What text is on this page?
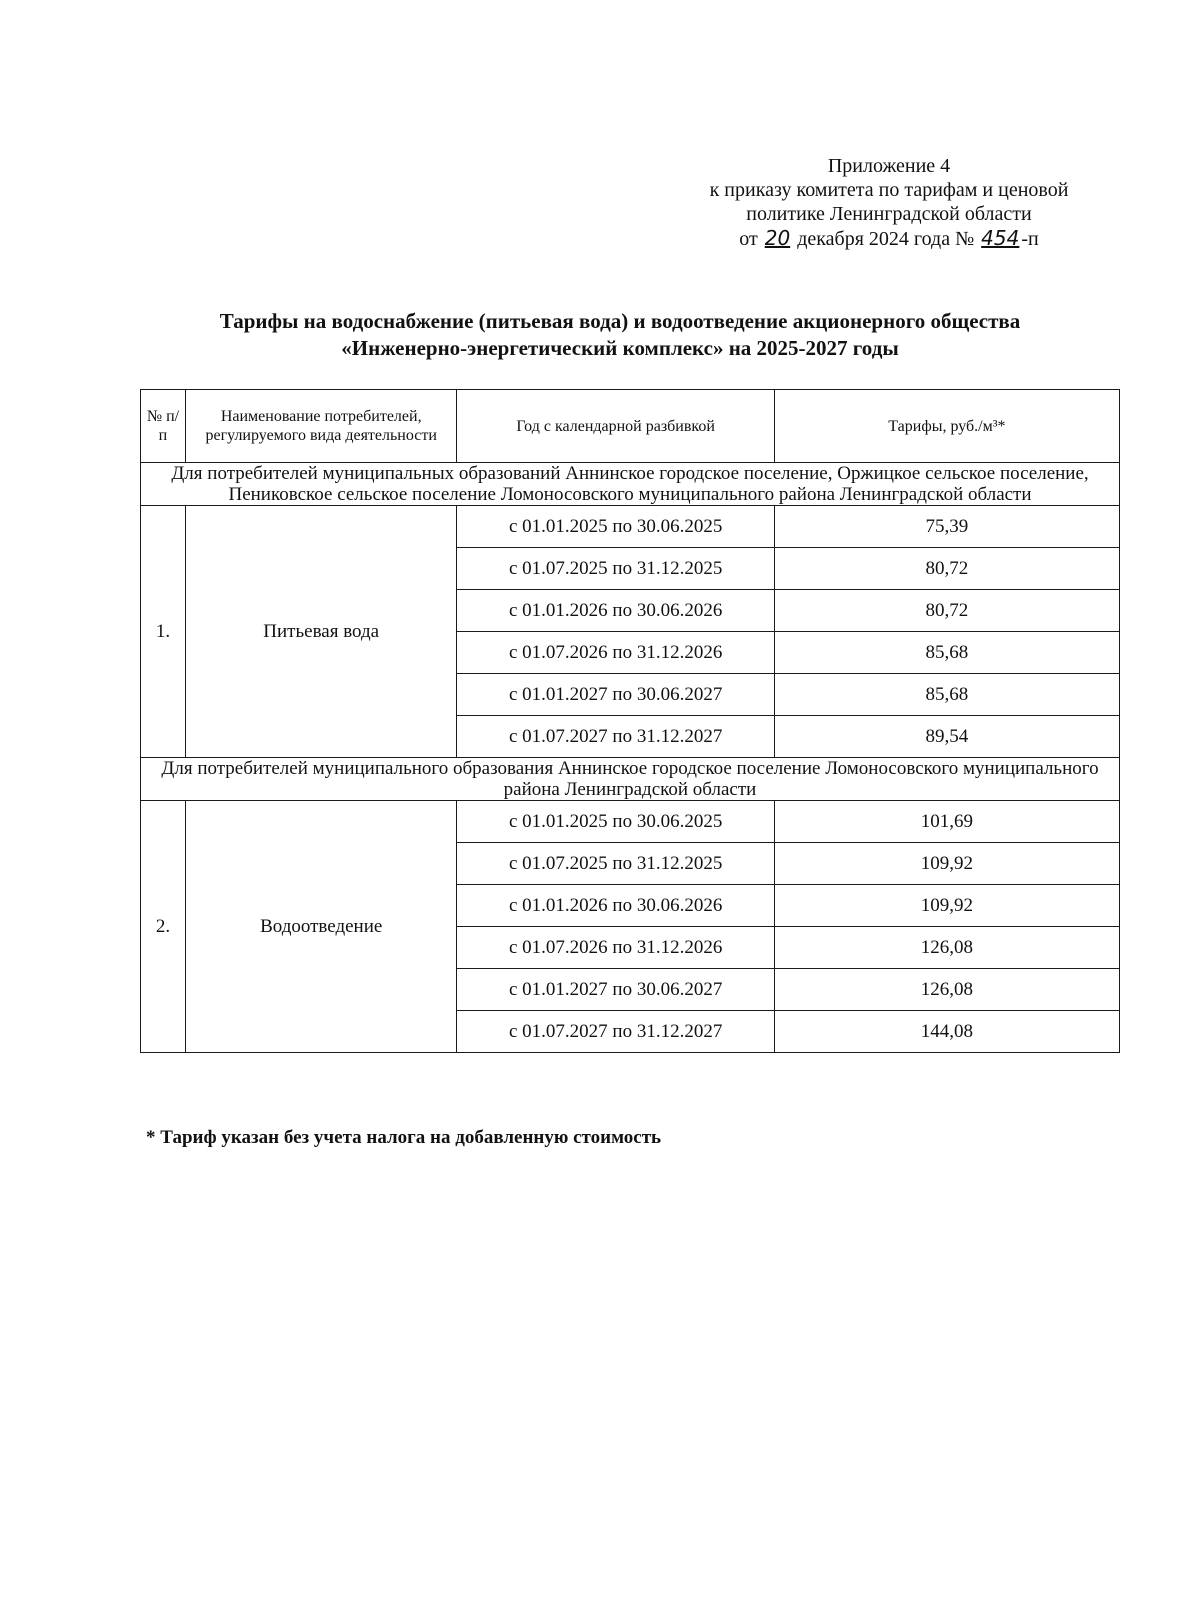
Приложение 4
к приказу комитета по тарифам и ценовой
политике Ленинградской области
от 20 декабря 2024 года № 454 -п
Тарифы на водоснабжение (питьевая вода) и водоотведение акционерного общества
«Инженерно-энергетический комплекс» на 2025-2027 годы
№ п/п	Наименование потребителей, регулируемого вида деятельности	Год с календарной разбивкой	Тарифы, руб./м³*
Для потребителей муниципальных образований Аннинское городское поселение, Оржицкое сельское поселение, Пениковское сельское поселение Ломоносовского муниципального района Ленинградской области			
1.	Питьевая вода	с 01.01.2025 по 30.06.2025	75,39
		с 01.07.2025 по 31.12.2025	80,72
		с 01.01.2026 по 30.06.2026	80,72
		с 01.07.2026 по 31.12.2026	85,68
		с 01.01.2027 по 30.06.2027	85,68
		с 01.07.2027 по 31.12.2027	89,54
Для потребителей муниципального образования Аннинское городское поселение Ломоносовского муниципального района Ленинградской области			
2.	Водоотведение	с 01.01.2025 по 30.06.2025	101,69
		с 01.07.2025 по 31.12.2025	109,92
		с 01.01.2026 по 30.06.2026	109,92
		с 01.07.2026 по 31.12.2026	126,08
		с 01.01.2027 по 30.06.2027	126,08
		с 01.07.2027 по 31.12.2027	144,08
* Тариф указан без учета налога на добавленную стоимость
